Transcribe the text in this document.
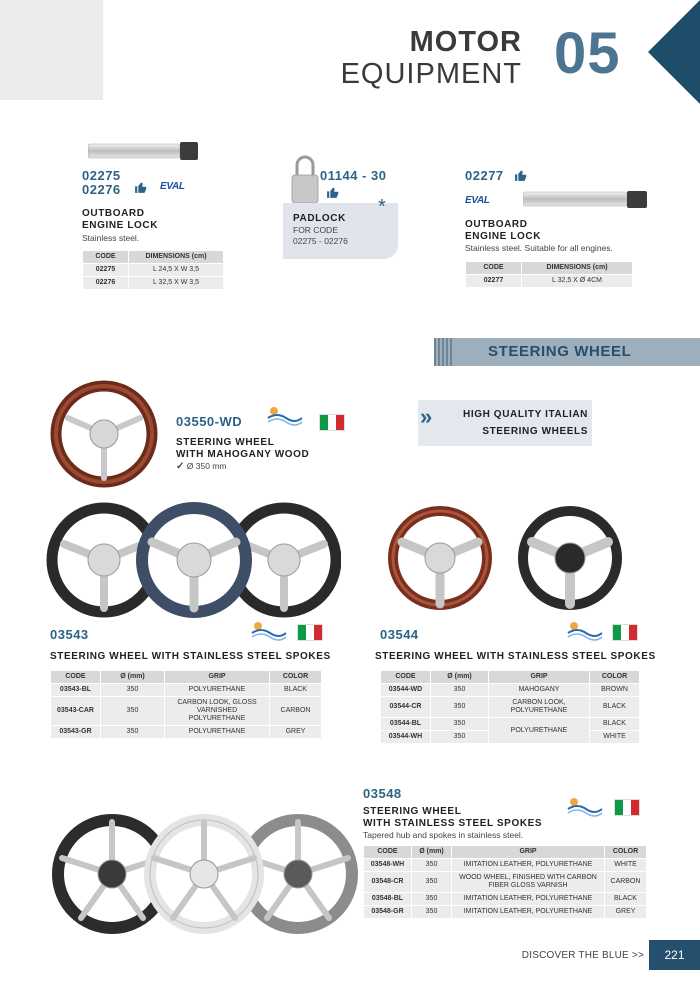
MOTOR
EQUIPMENT 05
02275
02276	EVAL
OUTBOARD
ENGINE LOCK
Stainless steel.
CODE	DIMENSIONS (cm)
02275	L 24,5 X W 3,5
02276	L 32,5 X W 3,5
01144 - 30
PADLOCK
FOR CODE
02275 - 02276
*
02277
EVAL
OUTBOARD
ENGINE LOCK
Stainless steel. Suitable for all engines.
CODE	DIMENSIONS (cm)
02277	L 32,5 X Ø 4CM
STEERING WHEEL
03550-WD
STEERING WHEEL
WITH MAHOGANY WOOD
✓ Ø 350 mm
»	HIGH QUALITY ITALIAN
STEERING WHEELS
03543
STEERING WHEEL WITH STAINLESS STEEL SPOKES
CODE	Ø (mm)	GRIP	COLOR
03543-BL	350	POLYURETHANE	BLACK
03543-CAR	350	CARBON LOOK, GLOSS VARNISHED POLYURETHANE	CARBON
03543-GR	350	POLYURETHANE	GREY
03544
STEERING WHEEL WITH STAINLESS STEEL SPOKES
CODE	Ø (mm)	GRIP	COLOR
03544-WD	350	MAHOGANY	BROWN
03544-CR	350	CARBON LOOK, POLYURETHANE	BLACK
03544-BL	350	POLYURETHANE	BLACK
03544-WH	350		WHITE
03548
STEERING WHEEL
WITH STAINLESS STEEL SPOKES
Tapered hub and spokes in stainless steel.
CODE	Ø (mm)	GRIP	COLOR
03548-WH	350	IMITATION LEATHER, POLYURETHANE	WHITE
03548-CR	350	WOOD WHEEL, FINISHED WITH CARBON FIBER GLOSS VARNISH	CARBON
03548-BL	350	IMITATION LEATHER, POLYURETHANE	BLACK
03548-GR	350	IMITATION LEATHER, POLYURETHANE	GREY
DISCOVER THE BLUE >>	221
